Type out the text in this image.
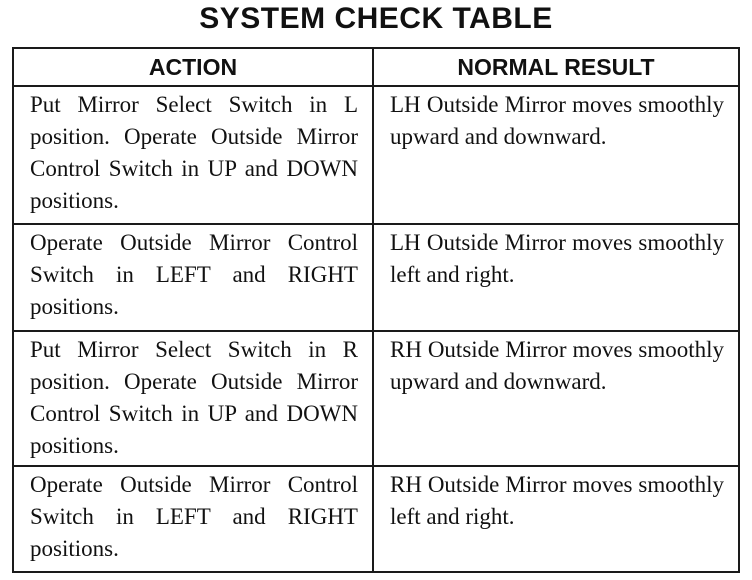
SYSTEM CHECK TABLE
ACTION	NORMAL RESULT
Put Mirror Select Switch in L position. Operate Outside Mirror Control Switch in UP and DOWN positions.	LH Outside Mirror moves smoothly upward and downward.
Operate Outside Mirror Control Switch in LEFT and RIGHT positions.	LH Outside Mirror moves smoothly left and right.
Put Mirror Select Switch in R position. Operate Outside Mirror Control Switch in UP and DOWN positions.	RH Outside Mirror moves smoothly upward and downward.
Operate Outside Mirror Control Switch in LEFT and RIGHT positions.	RH Outside Mirror moves smoothly left and right.
